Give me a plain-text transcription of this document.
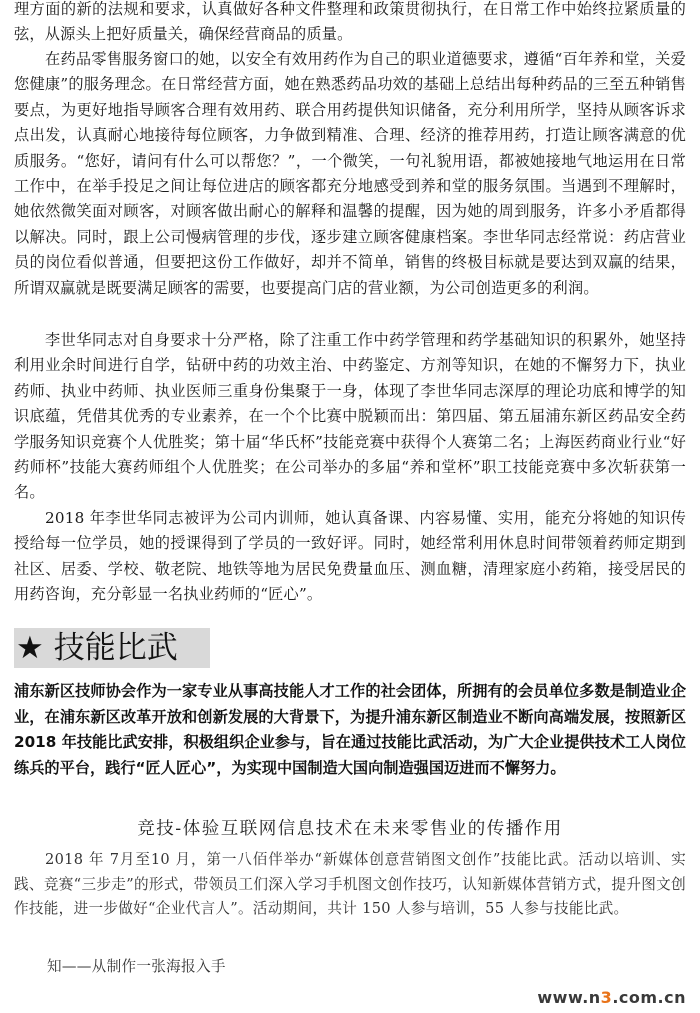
理方面的新的法规和要求，认真做好各种文件整理和政策贯彻执行，在日常工作中始终拉紧质量的弦，从源头上把好质量关，确保经营商品的质量。

在药品零售服务窗口的她，以安全有效用药作为自己的职业道德要求，遵循“百年养和堂，关爱您健康”的服务理念。在日常经营方面，她在熟悉药品功效的基础上总结出每种药品的三至五种销售要点，为更好地指导顾客合理有效用药、联合用药提供知识储备，充分利用所学，坚持从顾客诉求点出发，认真耐心地接待每位顾客，力争做到精准、合理、经济的推荐用药，打造让顾客满意的优质服务。“您好，请问有什么可以帮您？”，一个微笑，一句礼貌用语，都被她接地气地运用在日常工作中，在举手投足之间让每位进店的顾客都充分地感受到养和堂的服务氛围。当遇到不理解时，她依然微笑面对顾客，对顾客做出耐心的解释和温馨的提醒，因为她的周到服务，许多小矛盾都得以解决。同时，跟上公司慢病管理的步伐，逐步建立顾客健康档案。李世华同志经常说：药店营业员的岗位看似普通，但要把这份工作做好，却并不简单，销售的终极目标就是要达到双赢的结果，所谓双赢就是既要满足顾客的需要，也要提高门店的营业额，为公司创造更多的利润。

李世华同志对自身要求十分严格，除了注重工作中药学管理和药学基础知识的积累外，她坚持利用业余时间进行自学，钻研中药的功效主治、中药鉴定、方剂等知识，在她的不懈努力下，执业药师、执业中药师、执业医师三重身份集聚于一身，体现了李世华同志深厚的理论功底和博学的知识底蕴，凭借其优秀的专业素养，在一个个比赛中脱颖而出：第四届、第五届浦东新区药品安全药学服务知识竞赛个人优胜奖；第十届“华氏杯”技能竞赛中获得个人赛第二名；上海医药商业行业“好药师杯”技能大赛药师组个人优胜奖；在公司举办的多届“养和堂杯”职工技能竞赛中多次斩获第一名。

2018 年李世华同志被评为公司内训师，她认真备课、内容易懂、实用，能充分将她的知识传授给每一位学员，她的授课得到了学员的一致好评。同时，她经常利用休息时间带领着药师定期到社区、居委、学校、敬老院、地铁等地为居民免费量血压、测血糖，清理家庭小药箱，接受居民的用药咨询，充分彰显一名执业药师的“匠心”。

★ 技能比武

浦东新区技师协会作为一家专业从事高技能人才工作的社会团体，所拥有的会员单位多数是制造业企业，在浦东新区改革开放和创新发展的大背景下，为提升浦东新区制造业不断向高端发展，按照新区 2018 年技能比武安排，积极组织企业参与，旨在通过技能比武活动，为广大企业提供技术工人岗位练兵的平台，践行“匠人匠心”，为实现中国制造大国向制造强国迈进而不懈努力。

竞技-体验互联网信息技术在未来零售业的传播作用

2018 年 7月至10 月，第一八佰伴举办“新媒体创意营销图文创作”技能比武。活动以培训、实践、竞赛“三步走”的形式，带领员工们深入学习手机图文创作技巧，认知新媒体营销方式，提升图文创作技能，进一步做好“企业代言人”。活动期间，共计 150 人参与培训，55 人参与技能比武。

知——从制作一张海报入手

www.n3.com.cn
